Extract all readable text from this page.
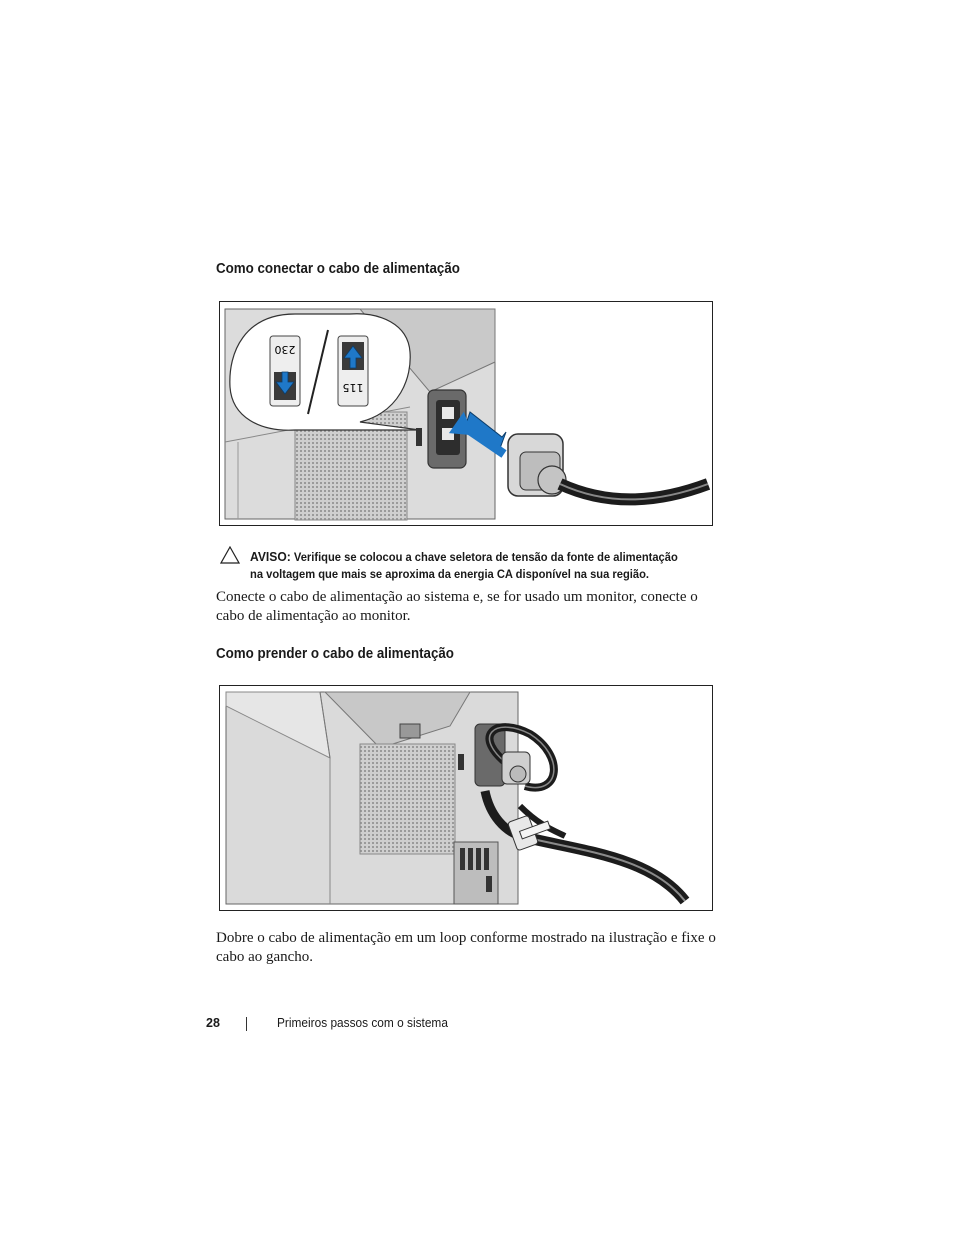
Como conectar o cabo de alimentação
230
115
AVISO: Verifique se colocou a chave seletora de tensão da fonte de alimentação na voltagem que mais se aproxima da energia CA disponível na sua região.
Conecte o cabo de alimentação ao sistema e, se for usado um monitor, conecte o cabo de alimentação ao monitor.
Como prender o cabo de alimentação
Dobre o cabo de alimentação em um loop conforme mostrado na ilustração e fixe o cabo ao gancho.
28	Primeiros passos com o sistema
